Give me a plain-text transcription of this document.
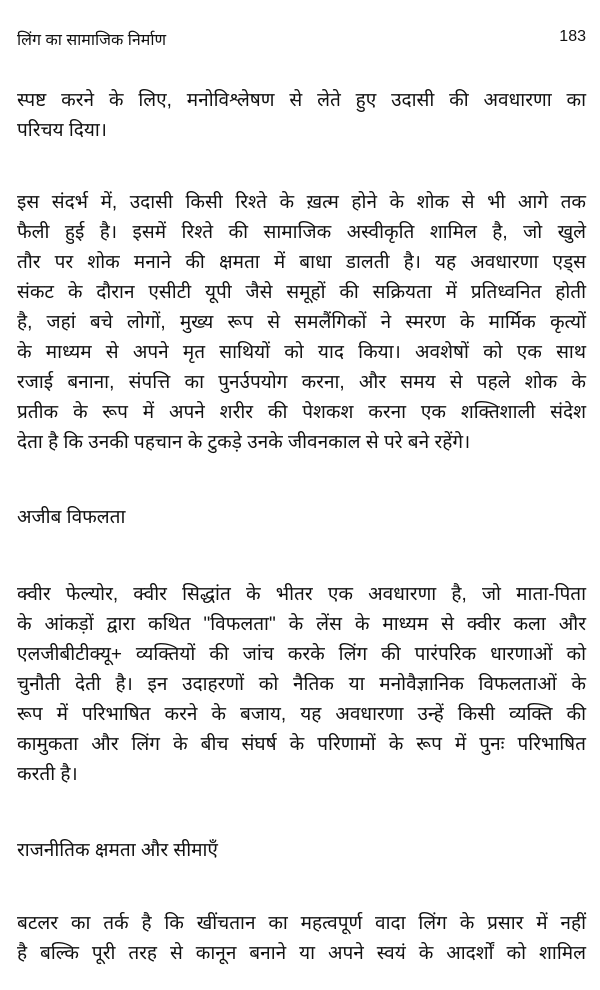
लिंग का सामाजिक निर्माण	183
स्पष्ट करने के लिए, मनोविश्लेषण से लेते हुए उदासी की अवधारणा का
परिचय दिया।
इस संदर्भ में, उदासी किसी रिश्ते के ख़त्म होने के शोक से भी आगे तक
फैली हुई है। इसमें रिश्ते की सामाजिक अस्वीकृति शामिल है, जो खुले
तौर पर शोक मनाने की क्षमता में बाधा डालती है। यह अवधारणा एड्स
संकट के दौरान एसीटी यूपी जैसे समूहों की सक्रियता में प्रतिध्वनित होती
है, जहां बचे लोगों, मुख्य रूप से समलैंगिकों ने स्मरण के मार्मिक कृत्यों
के माध्यम से अपने मृत साथियों को याद किया। अवशेषों को एक साथ
रजाई बनाना, संपत्ति का पुनर्उपयोग करना, और समय से पहले शोक के
प्रतीक के रूप में अपने शरीर की पेशकश करना एक शक्तिशाली संदेश
देता है कि उनकी पहचान के टुकड़े उनके जीवनकाल से परे बने रहेंगे।
अजीब विफलता
क्वीर फेल्योर, क्वीर सिद्धांत के भीतर एक अवधारणा है, जो माता-पिता
के आंकड़ों द्वारा कथित "विफलता" के लेंस के माध्यम से क्वीर कला और
एलजीबीटीक्यू+ व्यक्तियों की जांच करके लिंग की पारंपरिक धारणाओं को
चुनौती देती है। इन उदाहरणों को नैतिक या मनोवैज्ञानिक विफलताओं के
रूप में परिभाषित करने के बजाय, यह अवधारणा उन्हें किसी व्यक्ति की
कामुकता और लिंग के बीच संघर्ष के परिणामों के रूप में पुनः परिभाषित
करती है।
राजनीतिक क्षमता और सीमाएँ
बटलर का तर्क है कि खींचतान का महत्वपूर्ण वादा लिंग के प्रसार में नहीं
है बल्कि पूरी तरह से कानून बनाने या अपने स्वयं के आदर्शों को शामिल
